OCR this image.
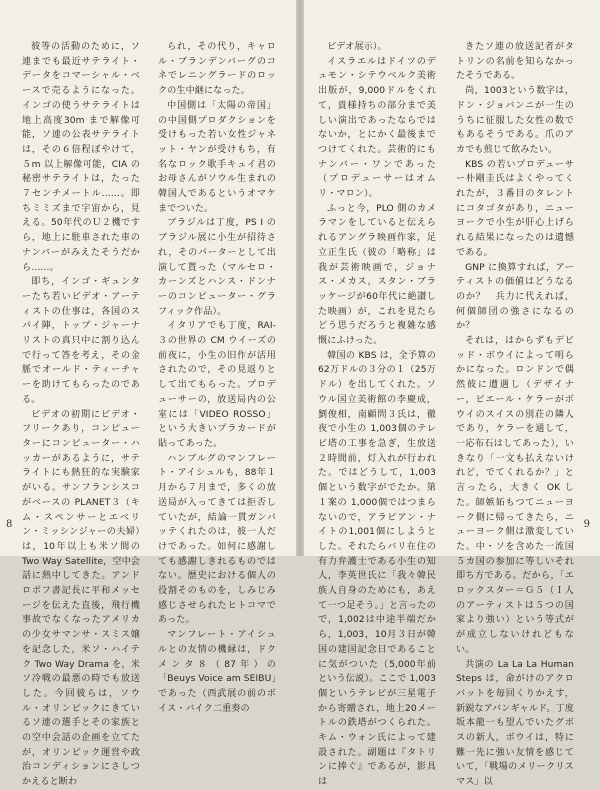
彼等の活動のために，ソ連までも最近サテライト・データをコマーシャル・ベースで売るようになった。インゴの使うサテライトは地上高度30m まで解像可能，ソ連の公表サテライトは，その６倍程ぼやけて，５m 以上解像可能，CIA の秘密サテライトは，たった７センチメートル……。即ちミミズまで宇宙から，見える。50年代のＵ２機ですら，地上に駐車された車のナンバーがみえたそうだから……。

即ち，インゴ・ギュンターたち若いビデオ・アーティストの仕事は，各国のスパイ陣，トップ・ジャーナリストの真只中に割り込んで行って答を考え，その金脈でオールド・ティーチャーを助けてもらったのである。

ビデオの初期にビデオ・フリークあり，コンピューターにコンピューター・ハッカーがあるように，サテライトにも熱狂的な実験家がいる。サンフランシスコがベースの PLANET３（キム・スペンサーとエベリン・ミッシンジャーの夫婦）は，10年以上も米ソ間の Two Way Satellite，空中会話に熱中してきた。アンドロポフ書記長に平和メッセージを伝えた直後，飛行機事故でなくなったアメリカの少女サマンサ・スミス嬢を記念した，米ソ・ハイテク Two Way Drama を，米ソ冷戦の最悪の時でも放送した。今回彼らは，ソウル・オリンピックにきているソ連の選手とその家族との空中会話の企画を立てたが，オリンピック運営や政治コンディションにさしつかえると断わ

られ，その代り，キャロル・ブランデンバーグのコネでレニングラードのロックの生中継になった。

中国側は「太陽の帝国」の中国側プロダクションを受けもった若い女性ジャネット・ヤンが受けもち，有名なロック歌手キュイ君のお母さんがソウル生まれの韓国人であるというオマケまでついた。

ブラジルは丁度，PS I のブラジル展に小生が招待され，そのパーターとして出演して貰った（マルセロ・カーンズとハンス・ドンナーのコンピューター・グラフィック作品）。

イタリアでも丁度，RAI-３の世界の CM ウイーズの前夜に，小生の旧作が活用されたので，その見返りとして出てもらった。プロデューサーの，放送局内の公室には「VIDEO ROSSO」という大きいプラカードが貼ってあった。

ハンブルグのマンフレート・アイシュルも，88年１月から７月まで，多くの放送局が入ってきては拒否していたが，結論一貫ガンバッテくれたのは，彼一人だけであった。如何に感謝しても感謝しきれるものではない。歴史における個人の役割そのものを，しみじみ感じさせられたヒトコマであった。

マンフレート・アイシュルとの友情の機縁は，ドクメンタ８（87年）の「Beuys Voice am SEIBU」であった（西武展の前のボイス・バイク二重奏の

8

ビデオ展示）。

イスラエルはドイツのデュモン・シテウベルク美術出版が，9,000ドルをくれて，貴様持ちの部分まで美しい演出であったならではないか，とにかく最後までつけてくれた。芸術的にもナンバー・ワンであった（プロデューサーはオムリ・マロン）。

ふっと今，PLO 側のカメラマンをしていると伝えられるアングラ映画作家，足立正生氏（彼の「略称」は我が芸術映画で，ジョナス・メカス，スタン・ブラッケージが60年代に絶讃した映画）が，これを見たらどう思うだろうと複雑な感慨にふけった。

韓国の KBS は，全予算の62万ドルの３分の１（25万ドル）を出してくれた。ソウル国立美術館の李慶成，劉俊相，南顧問３氏は，徹夜で小生の 1,003個のテレビ塔の工事を急ぎ，生放送２時間前，灯入れが行われた。ではどうして，1,003個という数字がでたか。第１案の 1,000個ではつまらないので，アラビアン・ナイトの1,001個にしようとした。それたらバリ在住の有力弁護士である小生の知人，李英世氏に「我々韓民族人自身のためにも，あえて一つ足そう。」と言ったので，1,002は中途半端だから，1,003，10月３日が韓国の建国記念日であることに気がついた（5,000年前という伝説）。ここで 1,003個というテレビが三星電子から寄贈され，地上20メートルの鉄塔がつくられた。キム・ウォン氏によって建設された。副題は『タトリンに捧ぐ』であるが，影具は

きたソ連の放送記者がタトリンの名前を知らなかったそうである。

尚，1003という数字は，ドン・ジョバンニが一生のうちに征服した女性の数でもあるそうである。爪のアカでも煎じて飲みたい。

KBS の若いプロデューサー朴剛圭氏はよくやってくれたが，３番目のタレントにコタゴタがあり，ニューヨークで小生が肝心上げられる結果になったのは遺憾である。

GNP に換算すれば，アーティストの価値はどうなるのか？　兵力に代えれば，何個師団の強さになるのか？

それは，はからずもデビッド・ボウイによって明らかになった。ロンドンで偶然彼に遭遇し（デザイナー，ピエール・ケラーがボウイのスイスの別荘の隣人であり，ケラーを通して，一応布石はしてあった），いきなり「一文も払えないけれど，でてくれるか？」と言ったら，大きく OK した。師嫉妬もつてニューヨーク側に帰ってきたら，ニューヨーク側は激変していた。中・ソを含めた一流国５カ国の参加に等しいそれ即ち方である。だから，「エロックスター＝Ｇ５（Ｉ人のアーティストは５つの国家より強い）という等式がが成立しないけれどもない。

共演の La La La Human Steps は，命がけのアクロバットを毎回くりかえす，新鋭なアバンギャルド。丁度坂本龍一も望んでいたグボスの新人，ボウイは，特に難一先に強い友情を感じていて，「戦場のメリークリスマス」以

9
